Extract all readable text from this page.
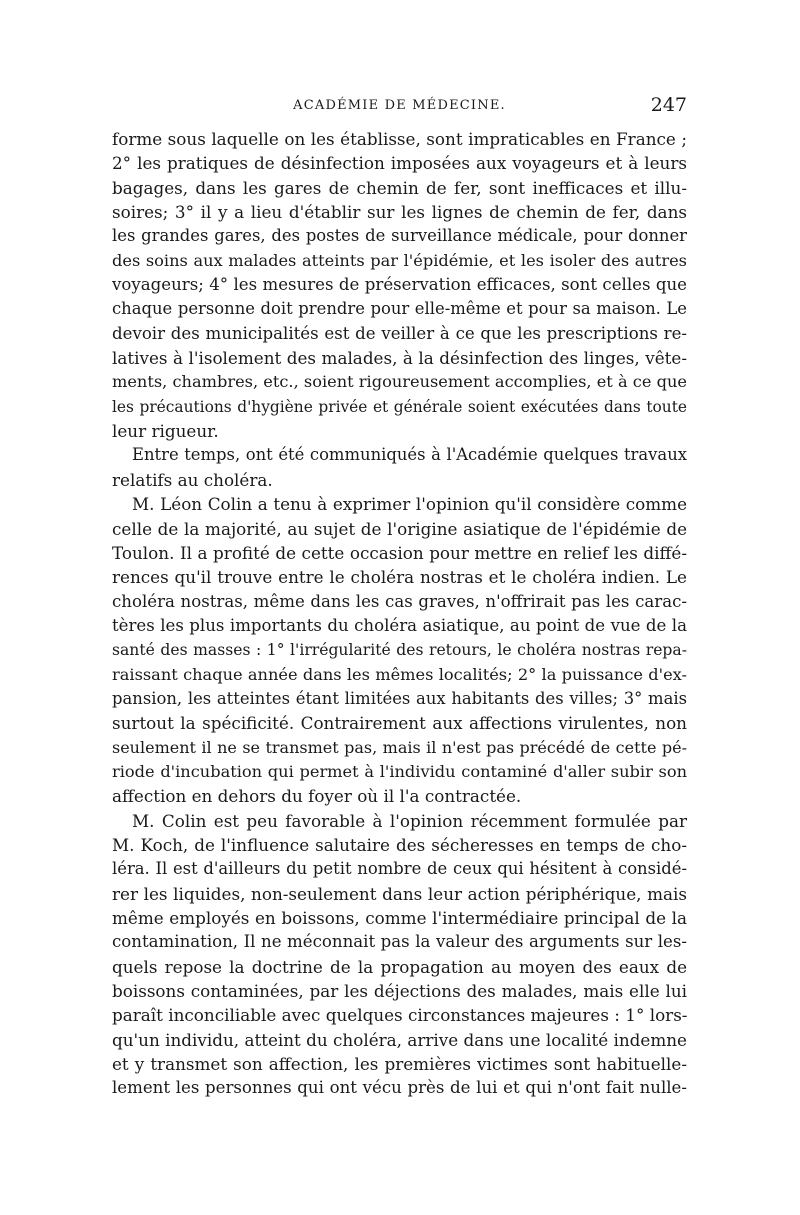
ACADÉMIE DE MÉDECINE.	247
forme sous laquelle on les établisse, sont impraticables en France ;
2° les pratiques de désinfection imposées aux voyageurs et à leurs
bagages, dans les gares de chemin de fer, sont inefficaces et illu-
soires; 3° il y a lieu d'établir sur les lignes de chemin de fer, dans
les grandes gares, des postes de surveillance médicale, pour donner
des soins aux malades atteints par l'épidémie, et les isoler des autres
voyageurs; 4° les mesures de préservation efficaces, sont celles que
chaque personne doit prendre pour elle-même et pour sa maison. Le
devoir des municipalités est de veiller à ce que les prescriptions re-
latives à l'isolement des malades, à la désinfection des linges, vête-
ments, chambres, etc., soient rigoureusement accomplies, et à ce que
les précautions d'hygiène privée et générale soient exécutées dans toute
leur rigueur.
Entre temps, ont été communiqués à l'Académie quelques travaux
relatifs au choléra.
M. Léon Colin a tenu à exprimer l'opinion qu'il considère comme
celle de la majorité, au sujet de l'origine asiatique de l'épidémie de
Toulon. Il a profité de cette occasion pour mettre en relief les diffé-
rences qu'il trouve entre le choléra nostras et le choléra indien. Le
choléra nostras, même dans les cas graves, n'offrirait pas les carac-
tères les plus importants du choléra asiatique, au point de vue de la
santé des masses : 1° l'irrégularité des retours, le choléra nostras repa-
raissant chaque année dans les mêmes localités; 2° la puissance d'ex-
pansion, les atteintes étant limitées aux habitants des villes; 3° mais
surtout la spécificité. Contrairement aux affections virulentes, non
seulement il ne se transmet pas, mais il n'est pas précédé de cette pé-
riode d'incubation qui permet à l'individu contaminé d'aller subir son
affection en dehors du foyer où il l'a contractée.
M. Colin est peu favorable à l'opinion récemment formulée par
M. Koch, de l'influence salutaire des sécheresses en temps de cho-
léra. Il est d'ailleurs du petit nombre de ceux qui hésitent à considé-
rer les liquides, non-seulement dans leur action périphérique, mais
même employés en boissons, comme l'intermédiaire principal de la
contamination, Il ne méconnait pas la valeur des arguments sur les-
quels repose la doctrine de la propagation au moyen des eaux de
boissons contaminées, par les déjections des malades, mais elle lui
paraît inconciliable avec quelques circonstances majeures : 1° lors-
qu'un individu, atteint du choléra, arrive dans une localité indemne
et y transmet son affection, les premières victimes sont habituelle-
lement les personnes qui ont vécu près de lui et qui n'ont fait nulle-
